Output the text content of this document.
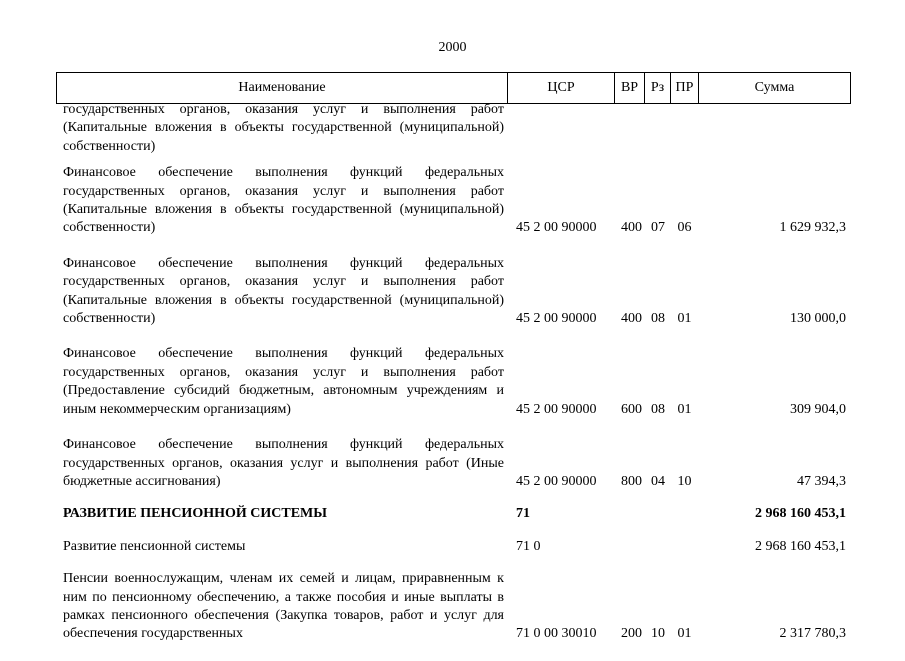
2000
Наименование	ЦСР	ВР Рз ПР	Сумма
государственных органов, оказания услуг и выполнения работ (Капитальные вложения в объекты государственной (муниципальной) собственности)
Финансовое обеспечение выполнения функций федеральных государственных органов, оказания услуг и выполнения работ (Капитальные вложения в объекты государственной (муниципальной) собственности)	45 2 00 90000	400 07 06	1 629 932,3
Финансовое обеспечение выполнения функций федеральных государственных органов, оказания услуг и выполнения работ (Капитальные вложения в объекты государственной (муниципальной) собственности)	45 2 00 90000	400 08 01	130 000,0
Финансовое обеспечение выполнения функций федеральных государственных органов, оказания услуг и выполнения работ (Предоставление субсидий бюджетным, автономным учреждениям и иным некоммерческим организациям)	45 2 00 90000	600 08 01	309 904,0
Финансовое обеспечение выполнения функций федеральных государственных органов, оказания услуг и выполнения работ (Иные бюджетные ассигнования)	45 2 00 90000	800 04 10	47 394,3
РАЗВИТИЕ ПЕНСИОННОЙ СИСТЕМЫ	71	2 968 160 453,1
Развитие пенсионной системы	71 0	2 968 160 453,1
Пенсии военнослужащим, членам их семей и лицам, приравненным к ним по пенсионному обеспечению, а также пособия и иные выплаты в рамках пенсионного обеспечения (Закупка товаров, работ и услуг для обеспечения государственных	71 0 00 30010	200 10 01	2 317 780,3
